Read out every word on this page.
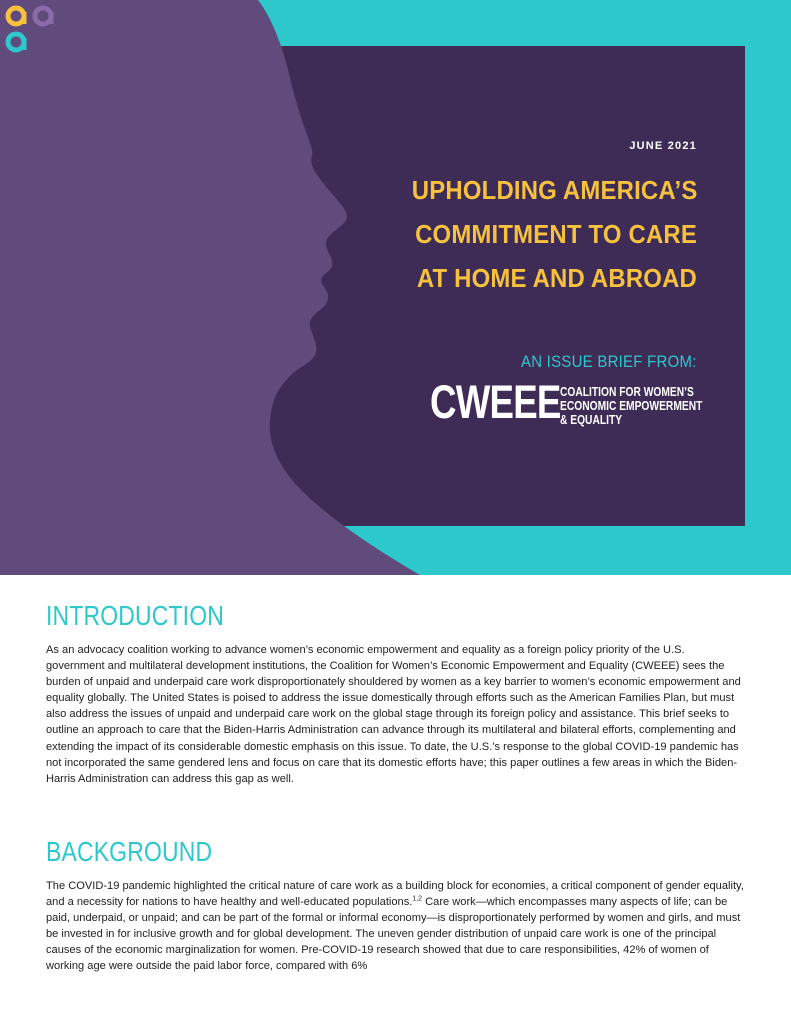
JUNE 2021
UPHOLDING AMERICA’S
COMMITMENT TO CARE
AT HOME AND ABROAD
AN ISSUE BRIEF FROM:
CWEEE COALITION FOR WOMEN’S
ECONOMIC EMPOWERMENT
& EQUALITY
INTRODUCTION

As an advocacy coalition working to advance women’s economic empowerment and equality as a foreign policy priority of the U.S. government and multilateral development institutions, the Coalition for Women’s Economic Empowerment and Equality (CWEEE) sees the burden of unpaid and underpaid care work disproportionately shouldered by women as a key barrier to women’s economic empowerment and equality globally. The United States is poised to address the issue domestically through efforts such as the American Families Plan, but must also address the issues of unpaid and underpaid care work on the global stage through its foreign policy and assistance. This brief seeks to outline an approach to care that the Biden-Harris Administration can advance through its multilateral and bilateral efforts, complementing and extending the impact of its considerable domestic emphasis on this issue. To date, the U.S.’s response to the global COVID-19 pandemic has not incorporated the same gendered lens and focus on care that its domestic efforts have; this paper outlines a few areas in which the Biden-Harris Administration can address this gap as well.

BACKGROUND

The COVID-19 pandemic highlighted the critical nature of care work as a building block for economies, a critical component of gender equality, and a necessity for nations to have healthy and well-educated populations.$^{1,2}$ Care work—which encompasses many aspects of life; can be paid, underpaid, or unpaid; and can be part of the formal or informal economy—is disproportionately performed by women and girls, and must be invested in for inclusive growth and for global development. The uneven gender distribution of unpaid care work is one of the principal causes of the economic marginalization for women. Pre-COVID-19 research showed that due to care responsibilities, 42% of women of working age were outside the paid labor force, compared with 6%
